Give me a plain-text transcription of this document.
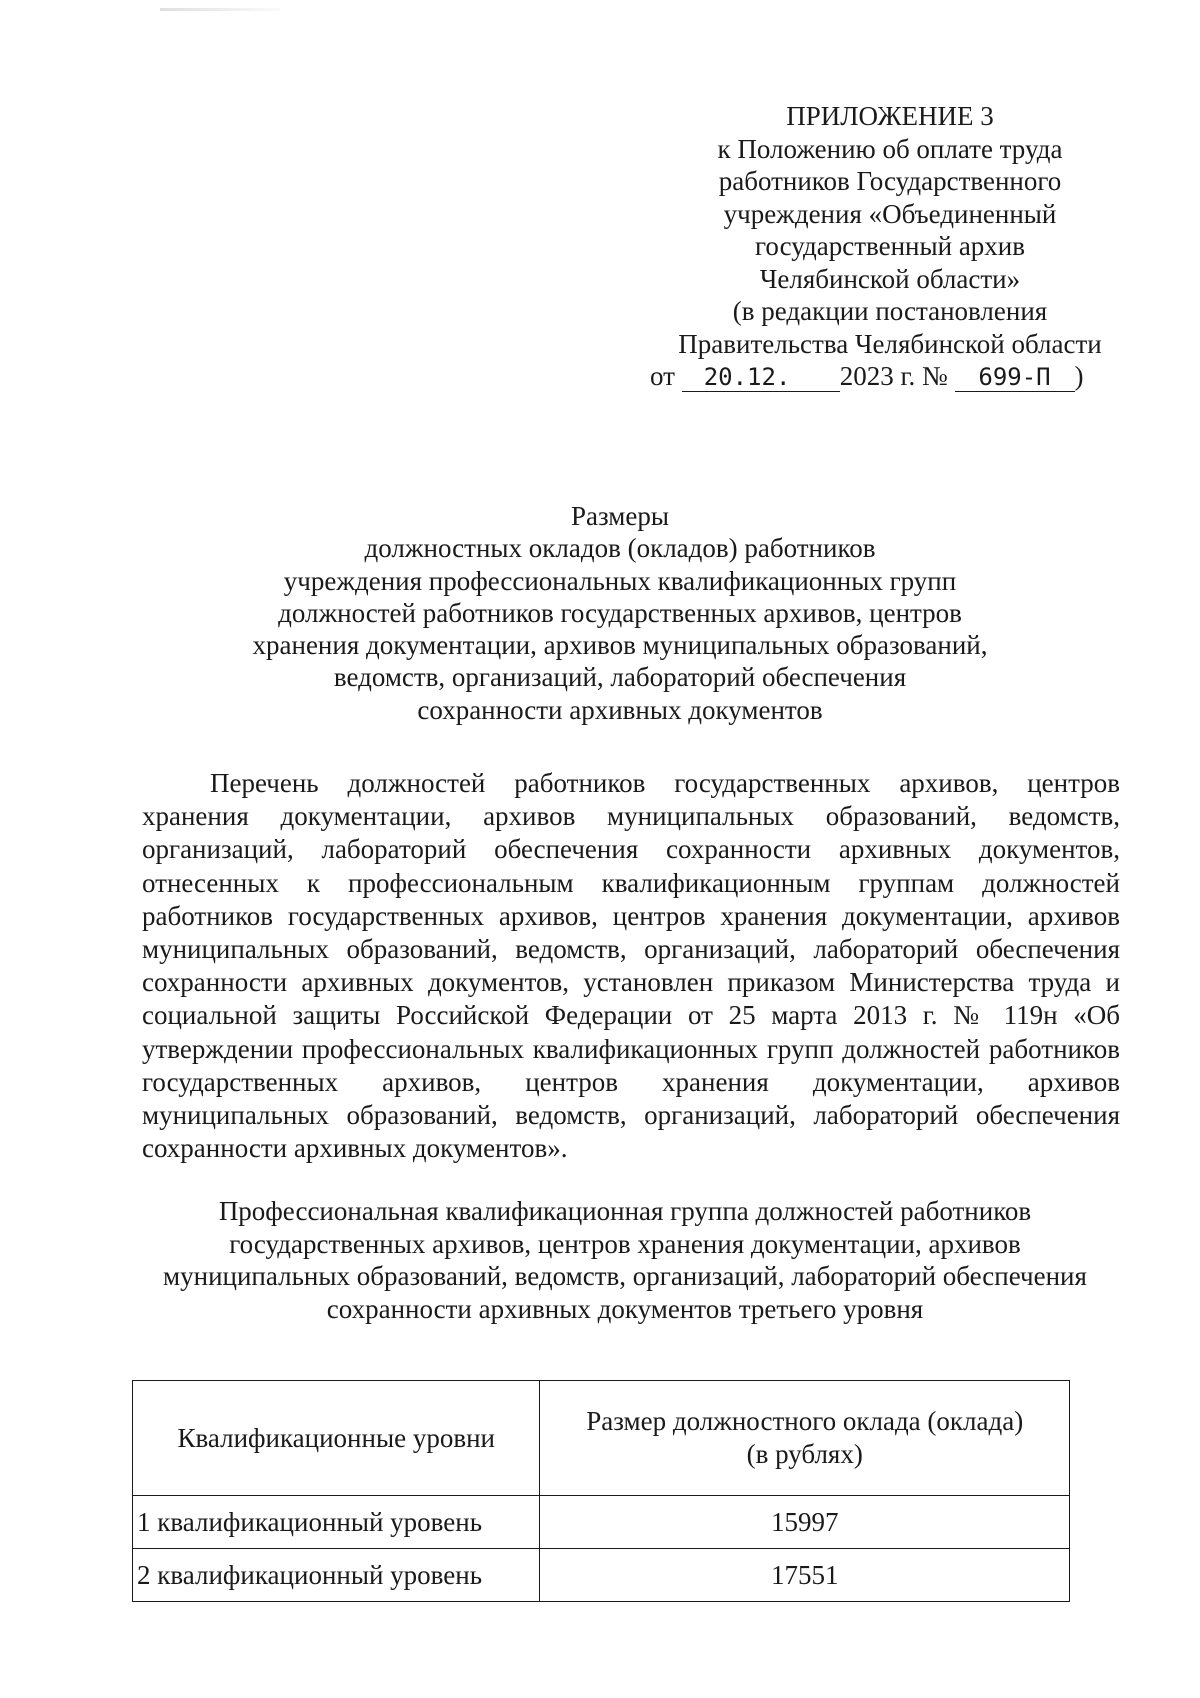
ПРИЛОЖЕНИЕ 3
к Положению об оплате труда
работников Государственного
учреждения «Объединенный
государственный архив
Челябинской области»
(в редакции постановления
Правительства Челябинской области
от 20.12. 2023 г. № 699-П )
Размеры
должностных окладов (окладов) работников
учреждения профессиональных квалификационных групп
должностей работников государственных архивов, центров
хранения документации, архивов муниципальных образований,
ведомств, организаций, лабораторий обеспечения
сохранности архивных документов

Перечень должностей работников государственных архивов, центров хранения документации, архивов муниципальных образований, ведомств, организаций, лабораторий обеспечения сохранности архивных документов, отнесенных к профессиональным квалификационным группам должностей работников государственных архивов, центров хранения документации, архивов муниципальных образований, ведомств, организаций, лабораторий обеспечения сохранности архивных документов, установлен приказом Министерства труда и социальной защиты Российской Федерации от 25 марта 2013 г. № 119н «Об утверждении профессиональных квалификационных групп должностей работников государственных архивов, центров хранения документации, архивов муниципальных образований, ведомств, организаций, лабораторий обеспечения сохранности архивных документов».

Профессиональная квалификационная группа должностей работников
государственных архивов, центров хранения документации, архивов
муниципальных образований, ведомств, организаций, лабораторий обеспечения
сохранности архивных документов третьего уровня
Квалификационные уровни	Размер должностного оклада (оклада)
(в рублях)
1 квалификационный уровень	15997
2 квалификационный уровень	17551
